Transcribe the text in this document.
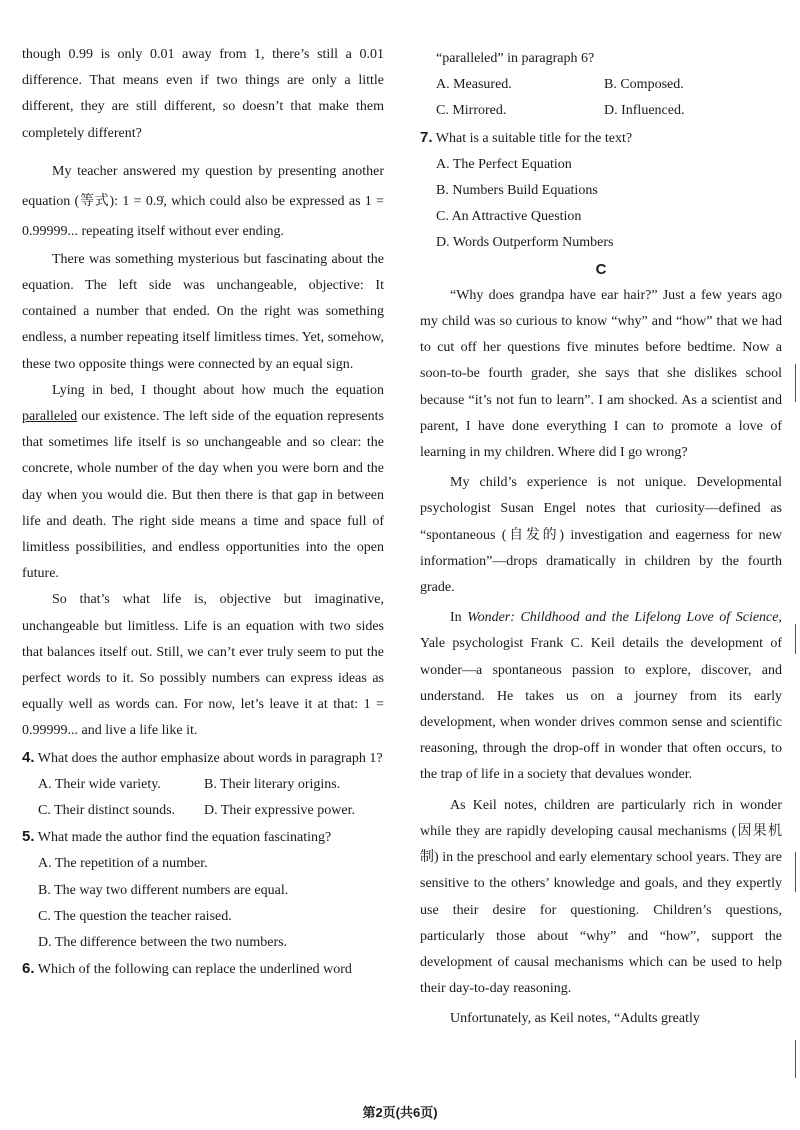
though 0.99 is only 0.01 away from 1, there’s still a 0.01 difference. That means even if two things are only a little different, they are still different, so doesn’t that make them completely different?

My teacher answered my question by presenting another equation (等式): 1 = 0.9̇, which could also be expressed as 1 = 0.99999... repeating itself without ever ending.

There was something mysterious but fascinating about the equation. The left side was unchangeable, objective: It contained a number that ended. On the right was something endless, a number repeating itself limitless times. Yet, somehow, these two opposite things were connected by an equal sign.

Lying in bed, I thought about how much the equation paralleled our existence. The left side of the equation represents that sometimes life itself is so unchangeable and so clear: the concrete, whole number of the day when you were born and the day when you would die. But then there is that gap in between life and death. The right side means a time and space full of limitless possibilities, and endless opportunities into the open future.

So that’s what life is, objective but imaginative, unchangeable but limitless. Life is an equation with two sides that balances itself out. Still, we can’t ever truly seem to put the perfect words to it. So possibly numbers can express ideas as equally well as words can. For now, let’s leave it at that: 1 = 0.99999... and live a life like it.

4. What does the author emphasize about words in paragraph 1?
A. Their wide variety.	B. Their literary origins.
C. Their distinct sounds.	D. Their expressive power.
5. What made the author find the equation fascinating?
A. The repetition of a number.
B. The way two different numbers are equal.
C. The question the teacher raised.
D. The difference between the two numbers.
6. Which of the following can replace the underlined word
“paralleled” in paragraph 6?
A. Measured.	B. Composed.
C. Mirrored.	D. Influenced.
7. What is a suitable title for the text?
A. The Perfect Equation
B. Numbers Build Equations
C. An Attractive Question
D. Words Outperform Numbers
C

“Why does grandpa have ear hair?” Just a few years ago my child was so curious to know “why” and “how” that we had to cut off her questions five minutes before bedtime. Now a soon-to-be fourth grader, she says that she dislikes school because “it’s not fun to learn”. I am shocked. As a scientist and parent, I have done everything I can to promote a love of learning in my children. Where did I go wrong?

My child’s experience is not unique. Developmental psychologist Susan Engel notes that curiosity—defined as “spontaneous (自发的) investigation and eagerness for new information”—drops dramatically in children by the fourth grade.

In Wonder: Childhood and the Lifelong Love of Science, Yale psychologist Frank C. Keil details the development of wonder—a spontaneous passion to explore, discover, and understand. He takes us on a journey from its early development, when wonder drives common sense and scientific reasoning, through the drop-off in wonder that often occurs, to the trap of life in a society that devalues wonder.

As Keil notes, children are particularly rich in wonder while they are rapidly developing causal mechanisms (因果机制) in the preschool and early elementary school years. They are sensitive to the others’ knowledge and goals, and they expertly use their desire for questioning. Children’s questions, particularly those about “why” and “how”, support the development of causal mechanisms which can be used to help their day-to-day reasoning.

Unfortunately, as Keil notes, “Adults greatly

第2页(共6页)
